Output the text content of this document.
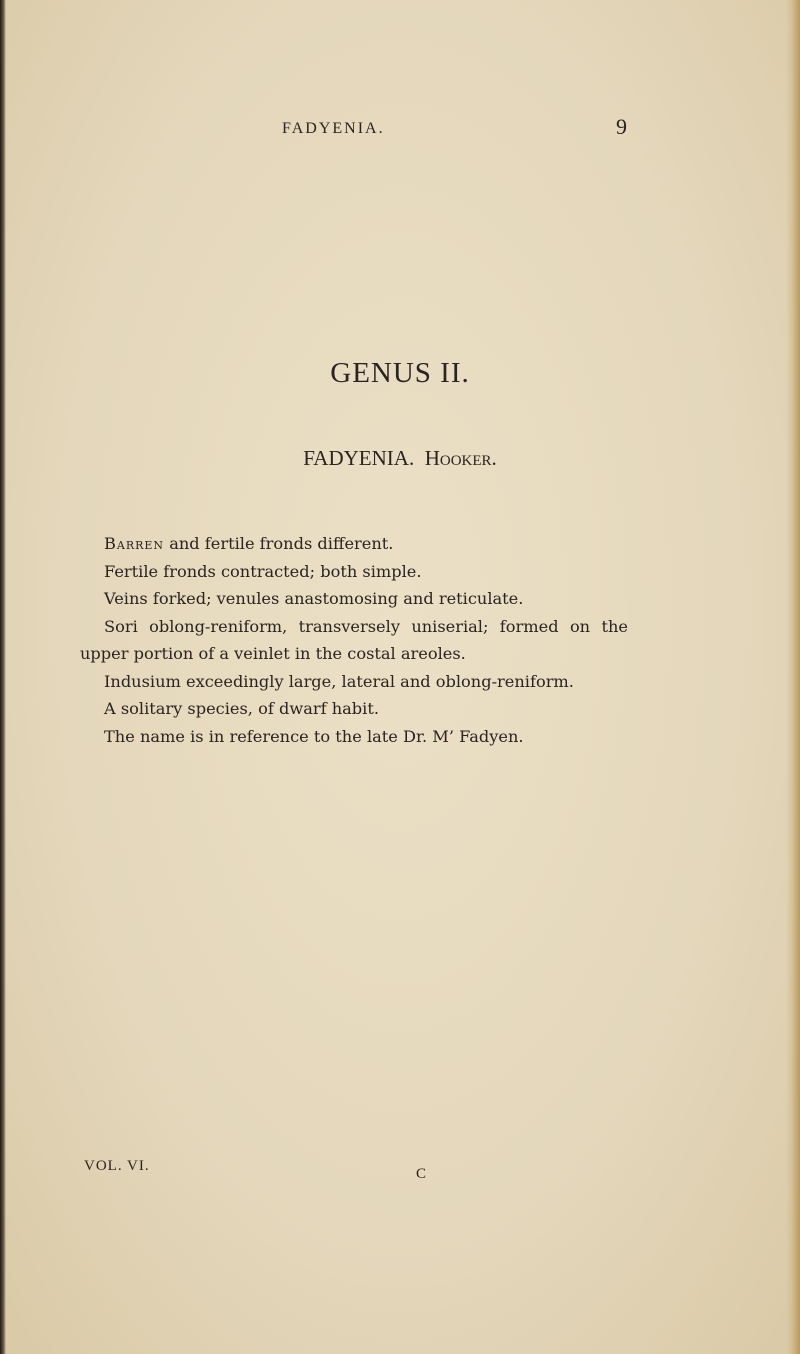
FADYENIA.	9
GENUS II.
FADYENIA. Hooker.

Barren and fertile fronds different.

Fertile fronds contracted; both simple.

Veins forked; venules anastomosing and reticulate.

Sori oblong-reniform, transversely uniserial; formed on the upper portion of a veinlet in the costal areoles.

Indusium exceedingly large, lateral and oblong-reniform.

A solitary species, of dwarf habit.

The name is in reference to the late Dr. M’ Fadyen.

VOL. VI.	C
